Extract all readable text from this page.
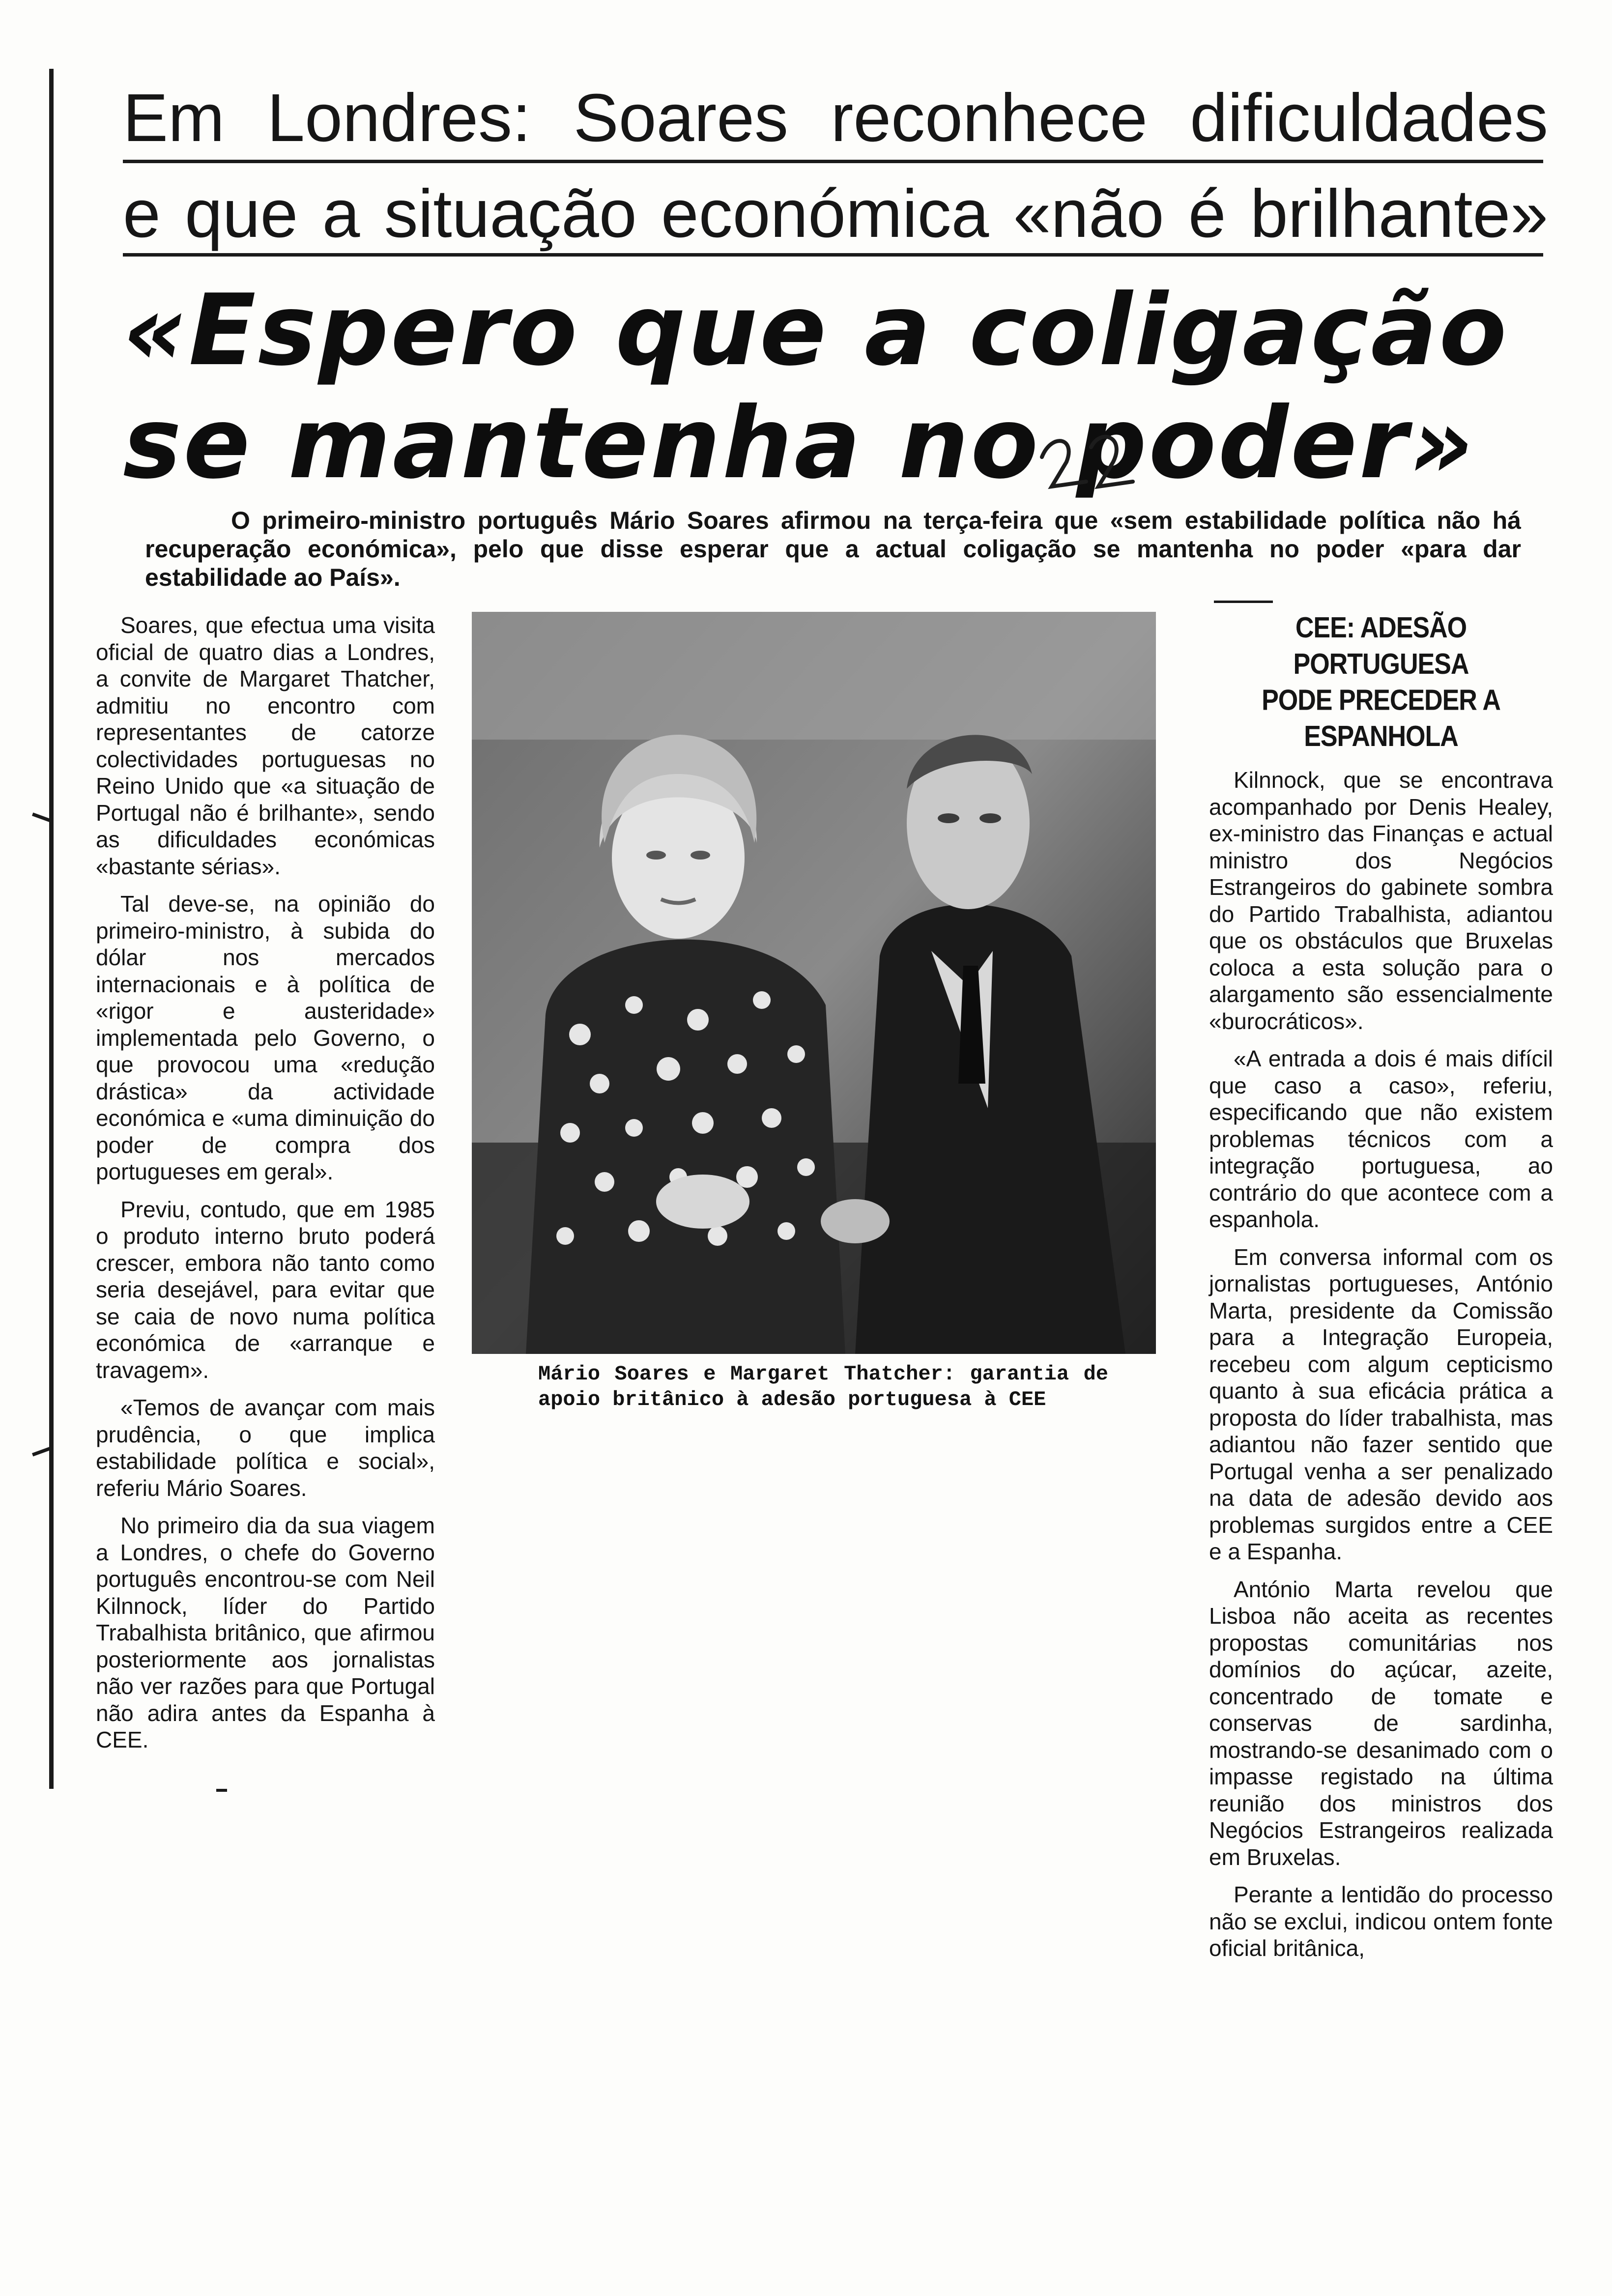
Em Londres: Soares reconhece dificuldades
e que a situação económica «não é brilhante»
«Espero que a coligação
se mantenha no poder»
O primeiro-ministro português Mário Soares afirmou na terça-feira que «sem estabilidade política não há recuperação económica», pelo que disse esperar que a actual coligação se mantenha no poder «para dar estabilidade ao País».

Soares, que efectua uma visita oficial de quatro dias a Londres, a convite de Margaret Thatcher, admitiu no encontro com representantes de catorze colectividades portuguesas no Reino Unido que «a situação de Portugal não é brilhante», sendo as dificuldades económicas «bastante sérias».

Tal deve-se, na opinião do primeiro-ministro, à subida do dólar nos mercados internacionais e à política de «rigor e austeridade» implementada pelo Governo, o que provocou uma «redução drástica» da actividade económica e «uma diminuição do poder de compra dos portugueses em geral».

Previu, contudo, que em 1985 o produto interno bruto poderá crescer, embora não tanto como seria desejável, para evitar que se caia de novo numa política económica de «arranque e travagem».

«Temos de avançar com mais prudência, o que implica estabilidade política e social», referiu Mário Soares.

No primeiro dia da sua viagem a Londres, o chefe do Governo português encontrou-se com Neil Kilnnock, líder do Partido Trabalhista britânico, que afirmou posteriormente aos jornalistas não ver razões para que Portugal não adira antes da Espanha à CEE.

Mário Soares e Margaret Thatcher: garantia de apoio britânico à adesão portuguesa à CEE
CEE: ADESÃO PORTUGUESA
PODE PRECEDER A ESPANHOLA

Kilnnock, que se encontrava acompanhado por Denis Healey, ex-ministro das Finanças e actual ministro dos Negócios Estrangeiros do gabinete sombra do Partido Trabalhista, adiantou que os obstáculos que Bruxelas coloca a esta solução para o alargamento são essencialmente «burocráticos».

«A entrada a dois é mais difícil que caso a caso», referiu, especificando que não existem problemas técnicos com a integração portuguesa, ao contrário do que acontece com a espanhola.

Em conversa informal com os jornalistas portugueses, António Marta, presidente da Comissão para a Integração Europeia, recebeu com algum cepticismo quanto à sua eficácia prática a proposta do líder trabalhista, mas adiantou não fazer sentido que Portugal venha a ser penalizado na data de adesão devido aos problemas surgidos entre a CEE e a Espanha.

António Marta revelou que Lisboa não aceita as recentes propostas comunitárias nos domínios do açúcar, azeite, concentrado de tomate e conservas de sardinha, mostrando-se desanimado com o impasse registado na última reunião dos ministros dos Negócios Estrangeiros realizada em Bruxelas.

Perante a lentidão do processo não se exclui, indicou ontem fonte oficial britânica,
